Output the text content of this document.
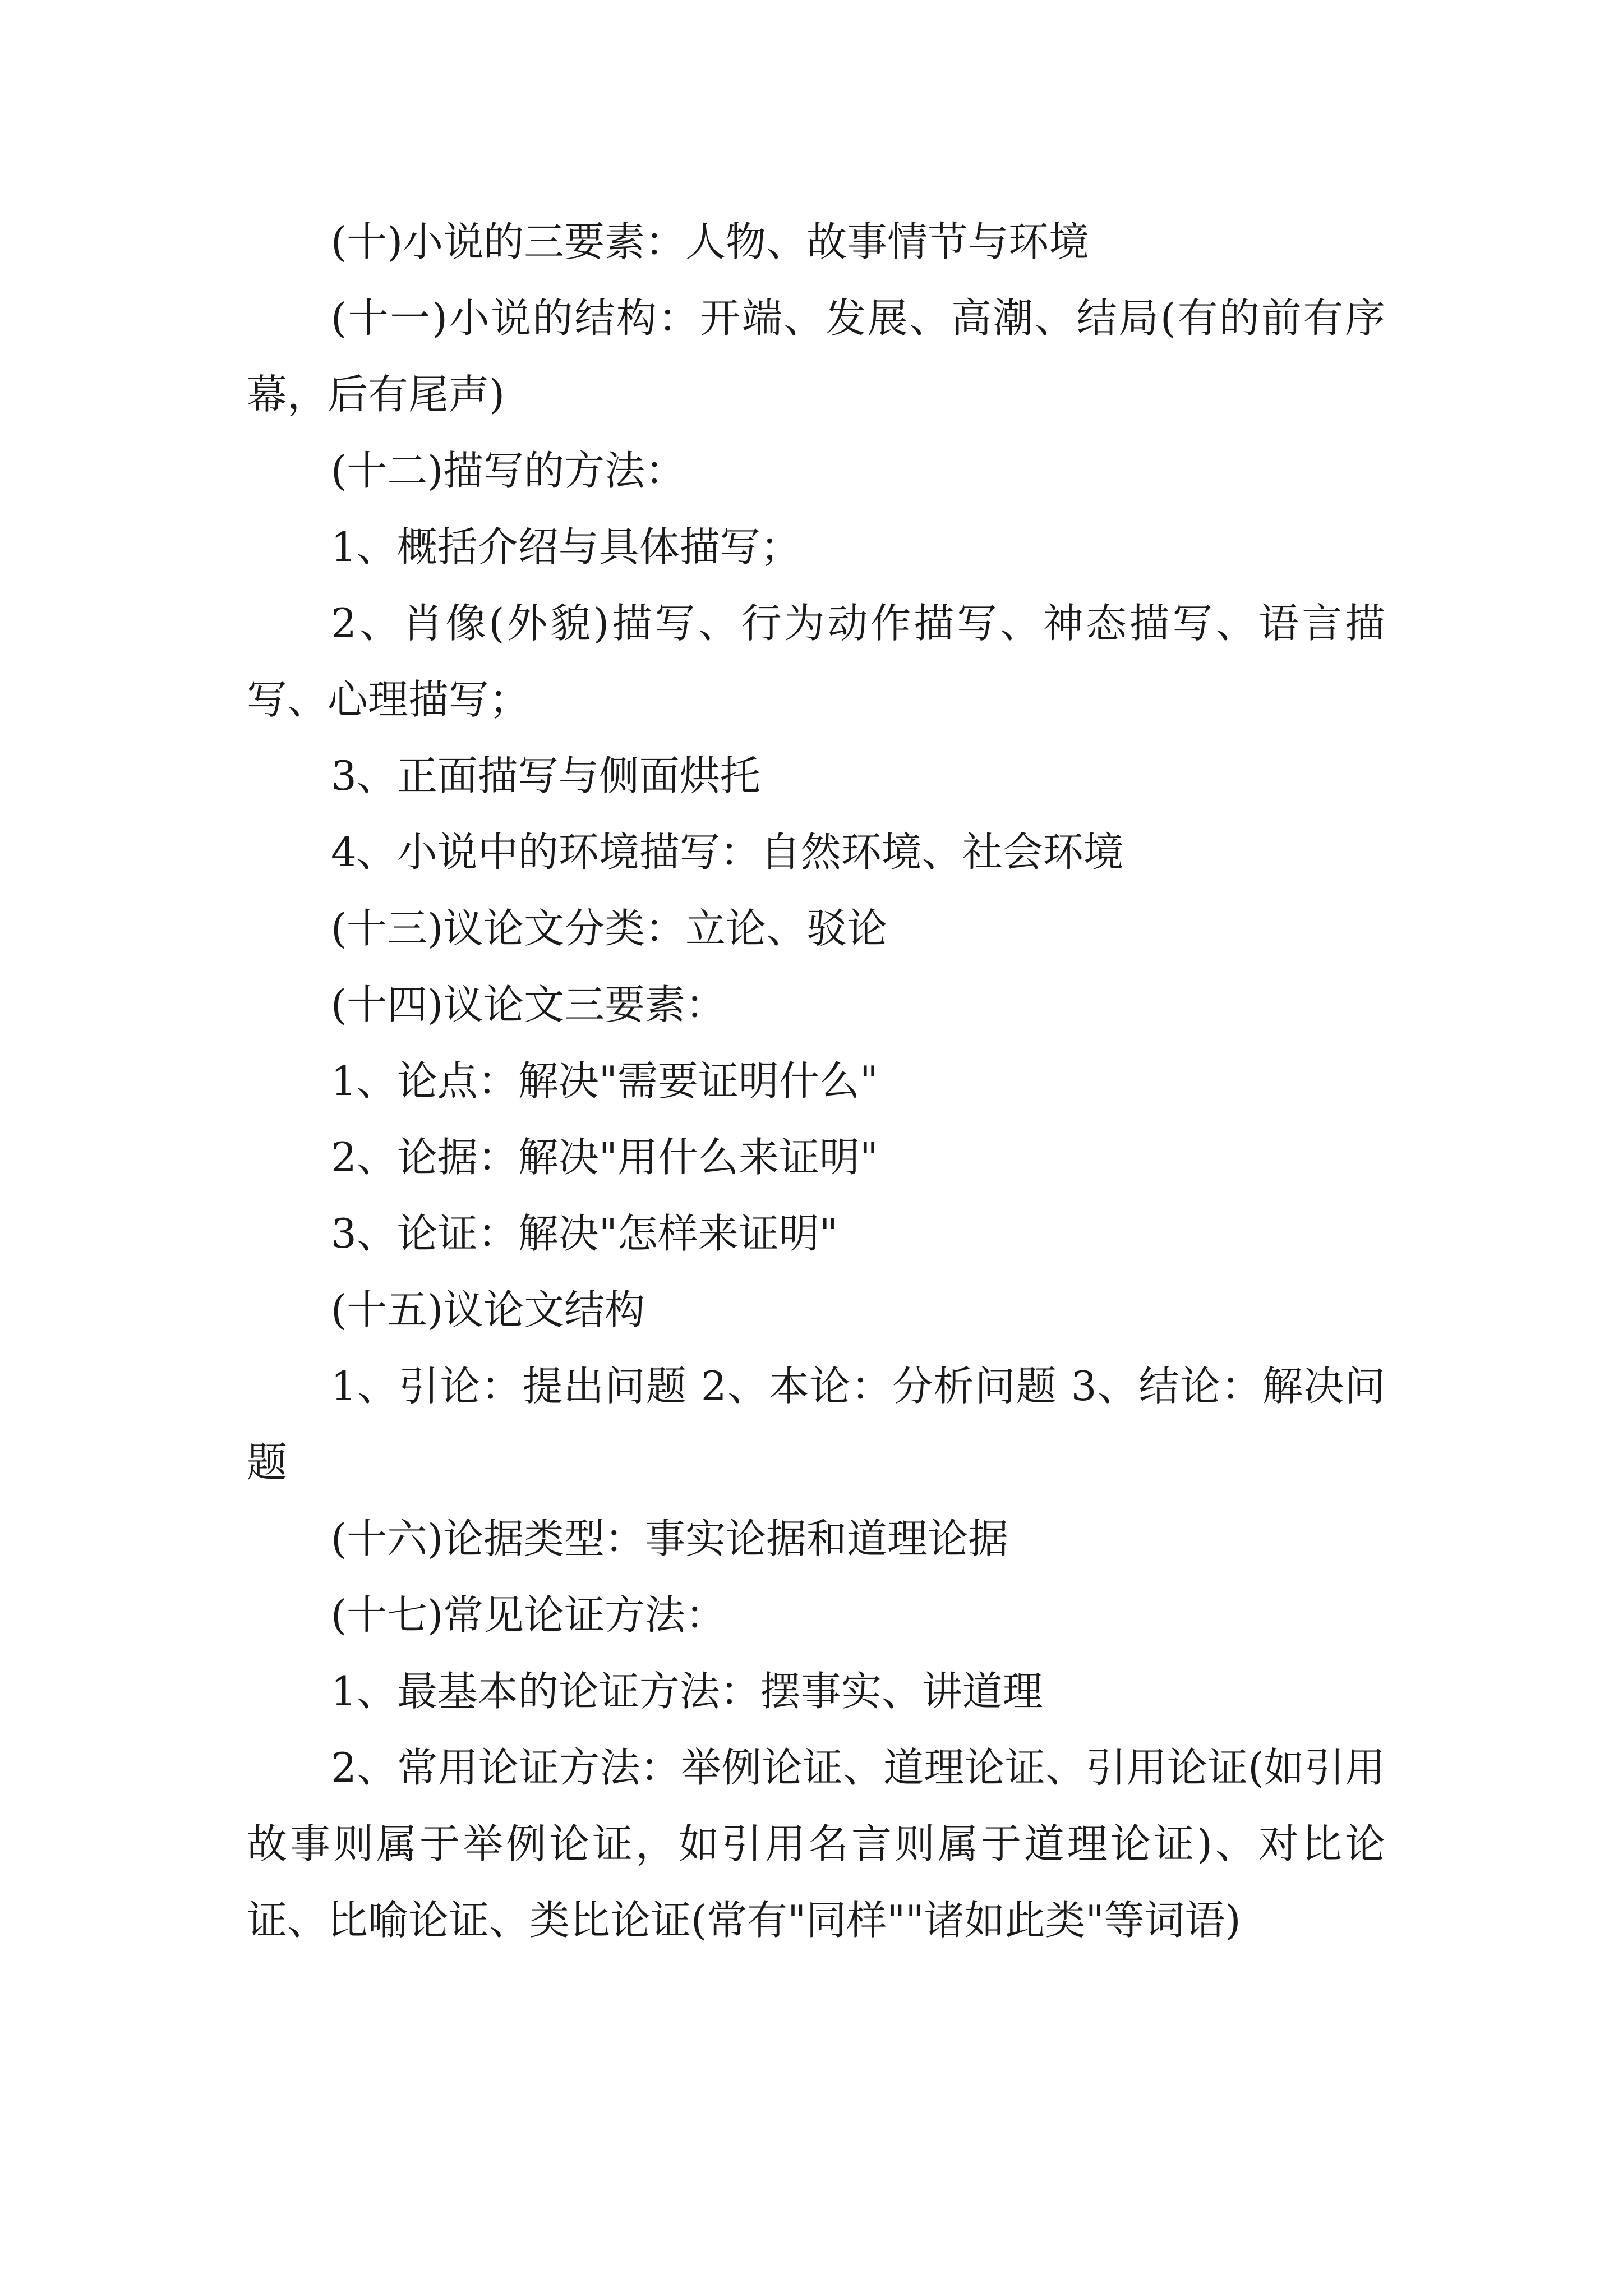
(十)小说的三要素：人物、故事情节与环境

(十一)小说的结构：开端、发展、高潮、结局(有的前有序幕，后有尾声)

(十二)描写的方法：

1、概括介绍与具体描写；

2、肖像(外貌)描写、行为动作描写、神态描写、语言描写、心理描写；

3、正面描写与侧面烘托

4、小说中的环境描写：自然环境、社会环境

(十三)议论文分类：立论、驳论

(十四)议论文三要素：

1、论点：解决"需要证明什么"

2、论据：解决"用什么来证明"

3、论证：解决"怎样来证明"

(十五)议论文结构

1、引论：提出问题 2、本论：分析问题 3、结论：解决问题

(十六)论据类型：事实论据和道理论据

(十七)常见论证方法：

1、最基本的论证方法：摆事实、讲道理

2、常用论证方法：举例论证、道理论证、引用论证(如引用故事则属于举例论证，如引用名言则属于道理论证)、对比论证、比喻论证、类比论证(常有"同样""诸如此类"等词语)
